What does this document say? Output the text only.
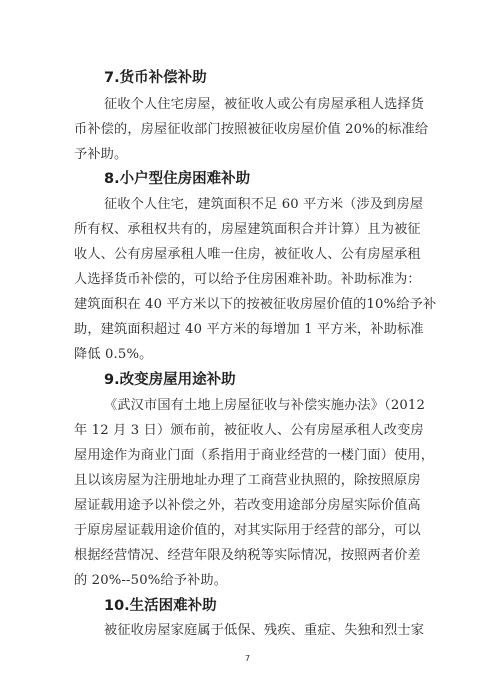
7.货币补偿补助
征收个人住宅房屋，被征收人或公有房屋承租人选择货
币补偿的，房屋征收部门按照被征收房屋价值 20%的标准给
予补助。
8.小户型住房困难补助
征收个人住宅，建筑面积不足 60 平方米（涉及到房屋
所有权、承租权共有的，房屋建筑面积合并计算）且为被征
收人、公有房屋承租人唯一住房，被征收人、公有房屋承租
人选择货币补偿的，可以给予住房困难补助。补助标准为：
建筑面积在 40 平方米以下的按被征收房屋价值的10%给予补
助，建筑面积超过 40 平方米的每增加 1 平方米，补助标准
降低 0.5%。
9.改变房屋用途补助
《武汉市国有土地上房屋征收与补偿实施办法》（2012
年 12 月 3 日）颁布前，被征收人、公有房屋承租人改变房
屋用途作为商业门面（系指用于商业经营的一楼门面）使用，
且以该房屋为注册地址办理了工商营业执照的，除按照原房
屋证载用途予以补偿之外，若改变用途部分房屋实际价值高
于原房屋证载用途价值的，对其实际用于经营的部分，可以
根据经营情况、经营年限及纳税等实际情况，按照两者价差
的 20%--50%给予补助。
10.生活困难补助
被征收房屋家庭属于低保、残疾、重症、失独和烈士家
7
